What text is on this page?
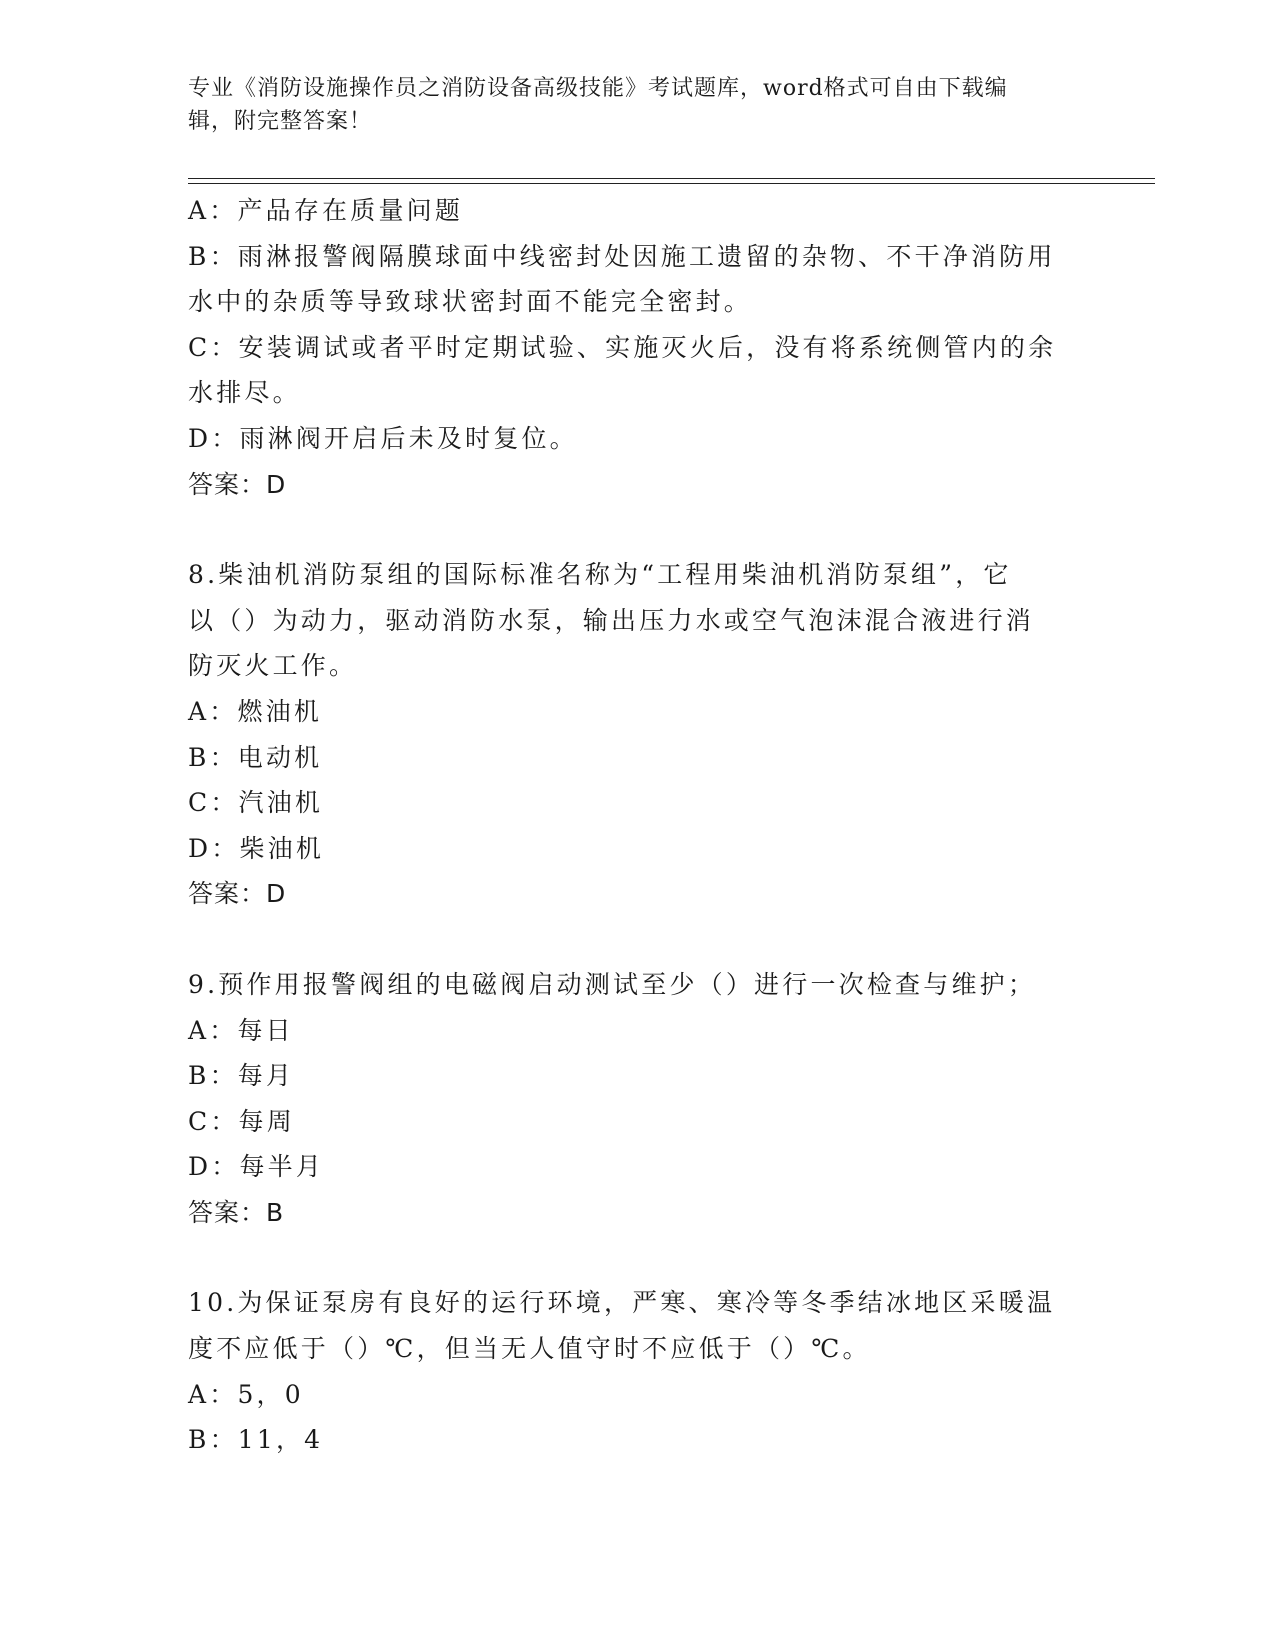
专业《消防设施操作员之消防设备高级技能》考试题库，word格式可自由下载编
辑，附完整答案！
A：产品存在质量问题
B：雨淋报警阀隔膜球面中线密封处因施工遗留的杂物、不干净消防用
水中的杂质等导致球状密封面不能完全密封。
C：安装调试或者平时定期试验、实施灭火后，没有将系统侧管内的余
水排尽。
D：雨淋阀开启后未及时复位。
答案：D
8.柴油机消防泵组的国际标准名称为“工程用柴油机消防泵组”，它
以（）为动力，驱动消防水泵，输出压力水或空气泡沫混合液进行消
防灭火工作。
A：燃油机
B：电动机
C：汽油机
D：柴油机
答案：D
9.预作用报警阀组的电磁阀启动测试至少（）进行一次检查与维护；
A：每日
B：每月
C：每周
D：每半月
答案：B
10.为保证泵房有良好的运行环境，严寒、寒冷等冬季结冰地区采暖温
度不应低于（）℃，但当无人值守时不应低于（）℃。
A：5，0
B：11，4
